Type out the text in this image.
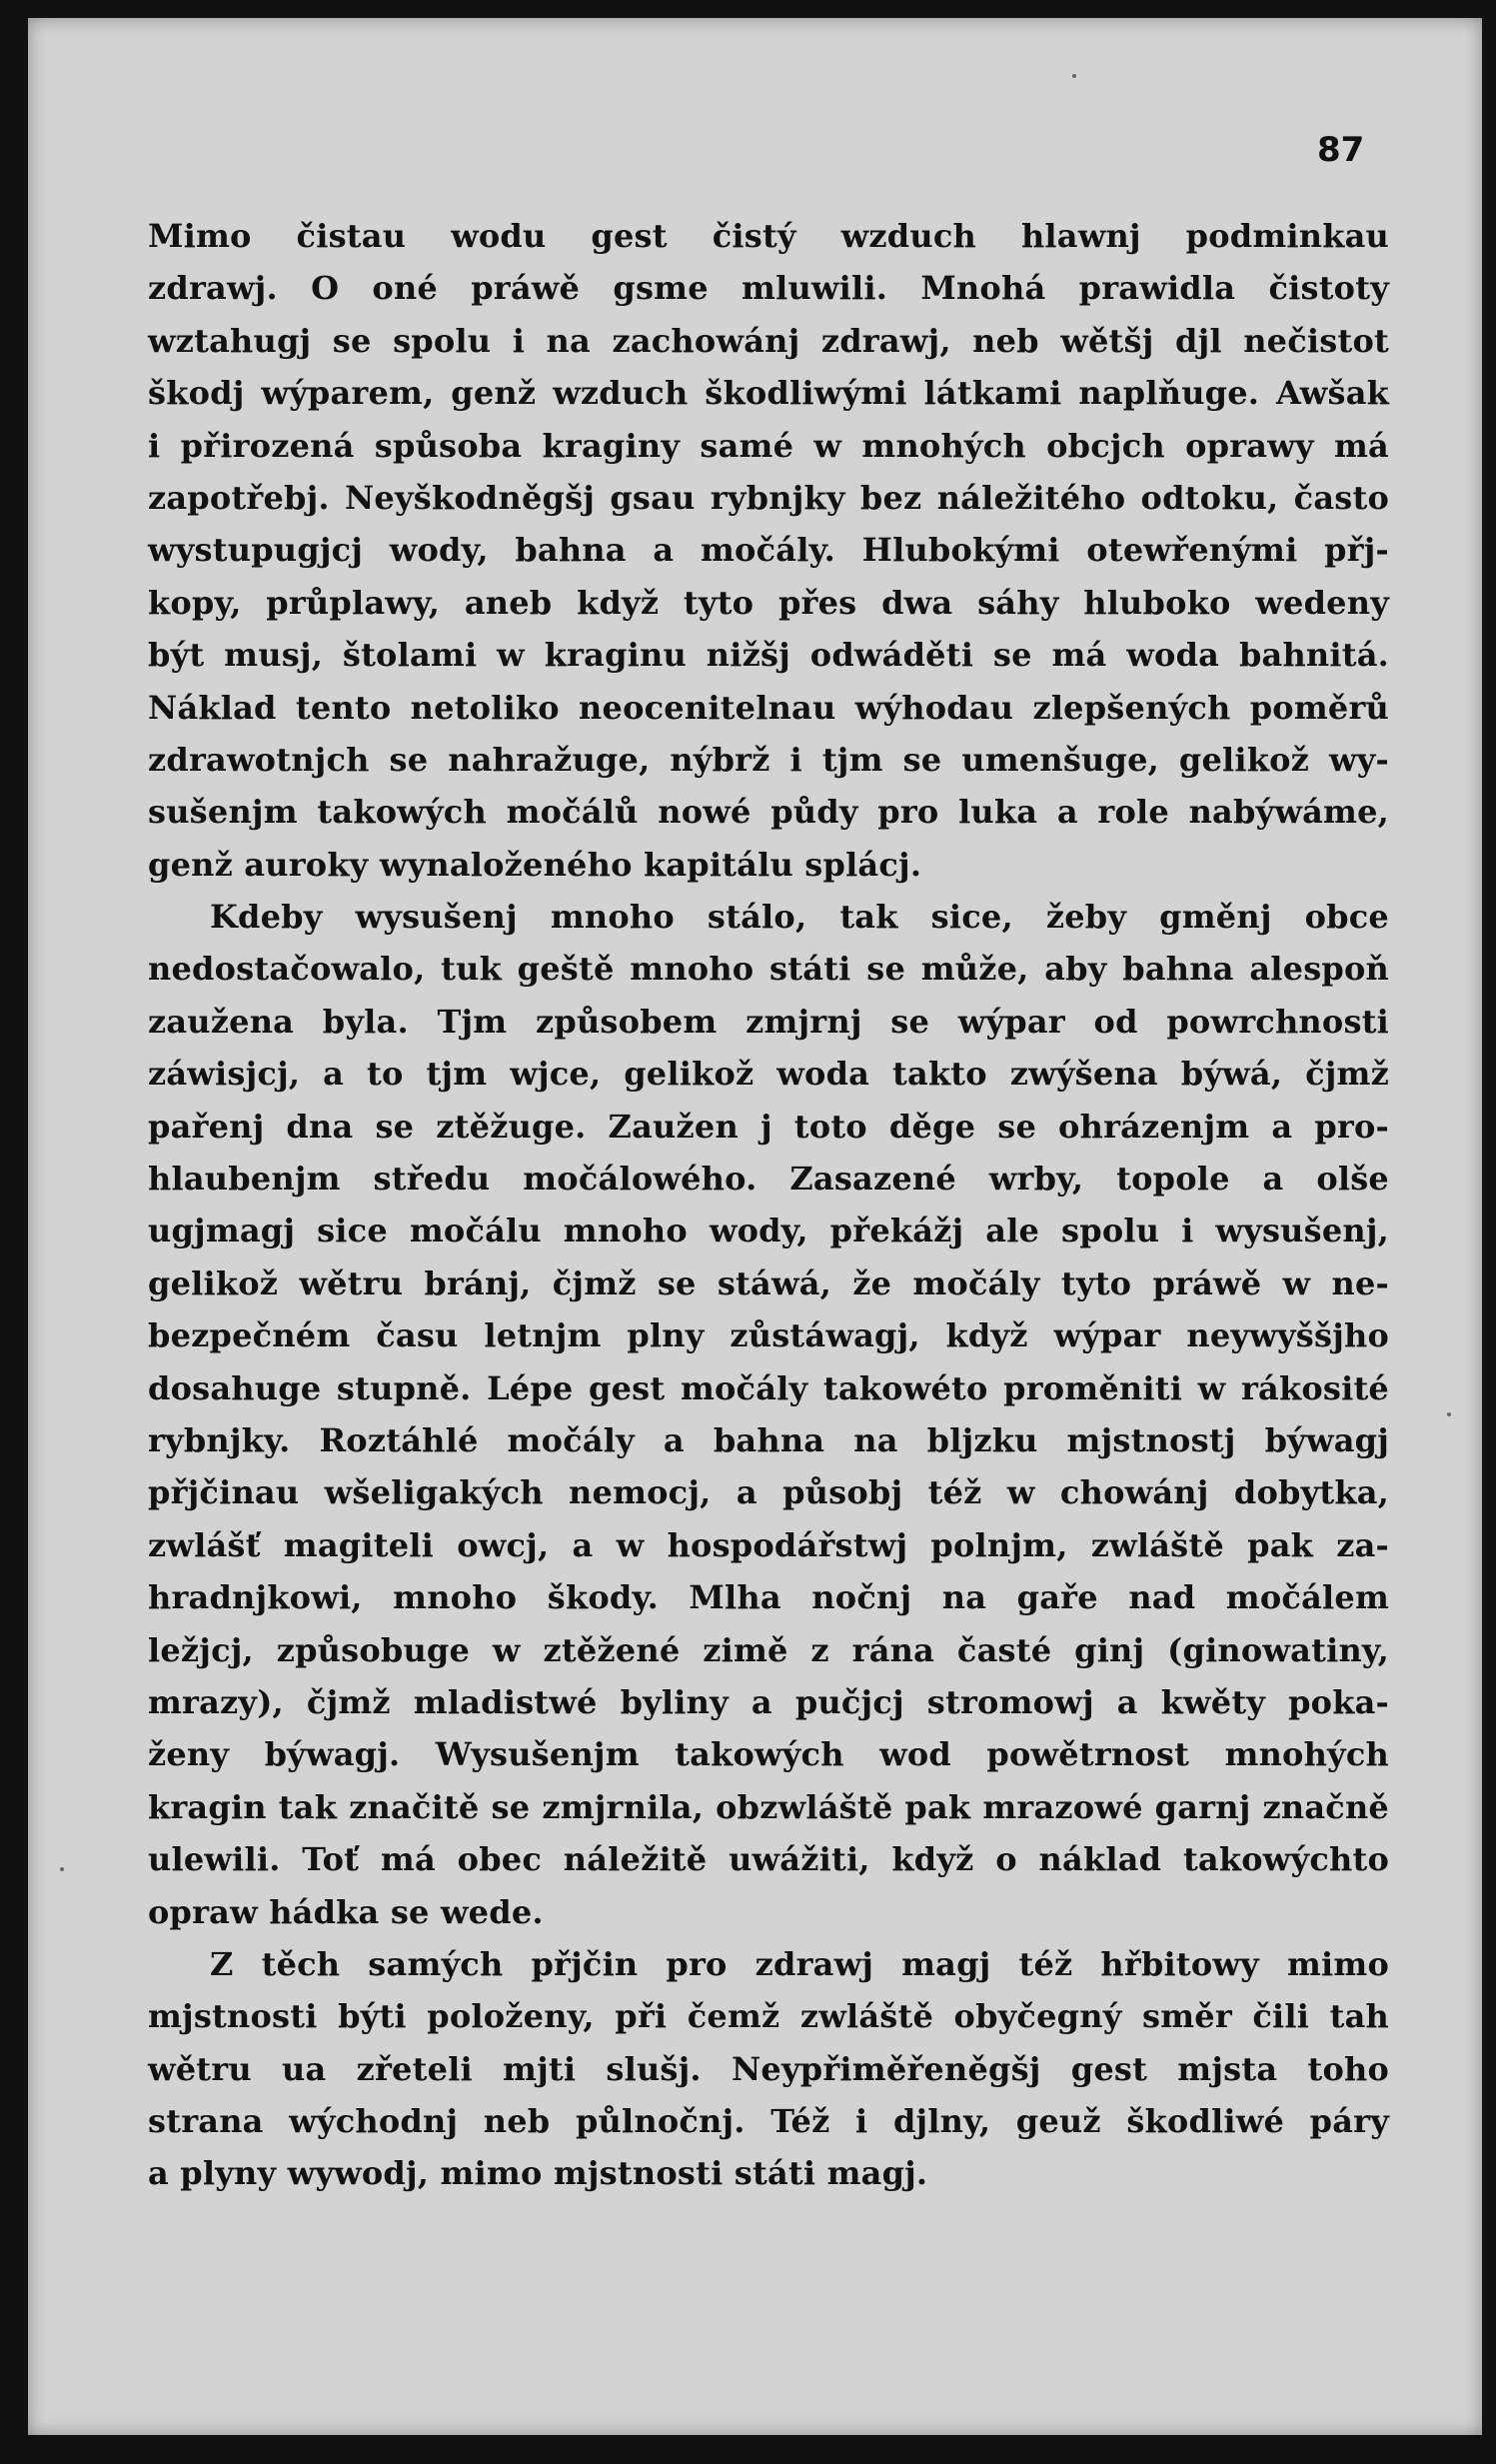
87
Mimo čistau wodu gest čistý wzduch hlawnj podminkau
zdrawj. O oné práwě gsme mluwili. Mnohá prawidla čistoty
wztahugj se spolu i na zachowánj zdrawj, neb wětšj djl nečistot
škodj wýparem, genž wzduch škodliwými látkami naplňuge. Awšak
i přirozená spůsoba kraginy samé w mnohých obcjch oprawy má
zapotřebj. Neyškodněgšj gsau rybnjky bez náležitého odtoku, často
wystupugjcj wody, bahna a močály. Hlubokými otewřenými přj-
kopy, průplawy, aneb když tyto přes dwa sáhy hluboko wedeny
být musj, štolami w kraginu nižšj odwáděti se má woda bahnitá.
Náklad tento netoliko neocenitelnau wýhodau zlepšených poměrů
zdrawotnjch se nahražuge, nýbrž i tjm se umenšuge, gelikož wy-
sušenjm takowých močálů nowé půdy pro luka a role nabýwáme,
genž auroky wynaloženého kapitálu splácj.
Kdeby wysušenj mnoho stálo, tak sice, žeby gměnj obce
nedostačowalo, tuk geště mnoho státi se může, aby bahna alespoň
zaužena byla. Tjm způsobem zmjrnj se wýpar od powrchnosti
záwisjcj, a to tjm wjce, gelikož woda takto zwýšena býwá, čjmž
pařenj dna se ztěžuge. Zaužen j toto děge se ohrázenjm a pro-
hlaubenjm středu močálowého. Zasazené wrby, topole a olše
ugjmagj sice močálu mnoho wody, překážj ale spolu i wysušenj,
gelikož wětru bránj, čjmž se stáwá, že močály tyto práwě w ne-
bezpečném času letnjm plny zůstáwagj, když wýpar neywyššjho
dosahuge stupně. Lépe gest močály takowéto proměniti w rákosité
rybnjky. Roztáhlé močály a bahna na bljzku mjstnostj býwagj
přjčinau wšeligakých nemocj, a působj též w chowánj dobytka,
zwlášť magiteli owcj, a w hospodářstwj polnjm, zwláště pak za-
hradnjkowi, mnoho škody. Mlha nočnj na gaře nad močálem
ležjcj, způsobuge w ztěžené zimě z rána časté ginj (ginowatiny,
mrazy), čjmž mladistwé byliny a pučjcj stromowj a kwěty poka-
ženy býwagj. Wysušenjm takowých wod powětrnost mnohých
kragin tak značitě se zmjrnila, obzwláště pak mrazowé garnj značně
ulewili. Toť má obec náležitě uwážiti, když o náklad takowýchto
opraw hádka se wede.
Z těch samých přjčin pro zdrawj magj též hřbitowy mimo
mjstnosti býti položeny, při čemž zwláště obyčegný směr čili tah
wětru ua zřeteli mjti slušj. Neypřiměřeněgšj gest mjsta toho
strana wýchodnj neb půlnočnj. Též i djlny, geuž škodliwé páry
a plyny wywodj, mimo mjstnosti státi magj.
